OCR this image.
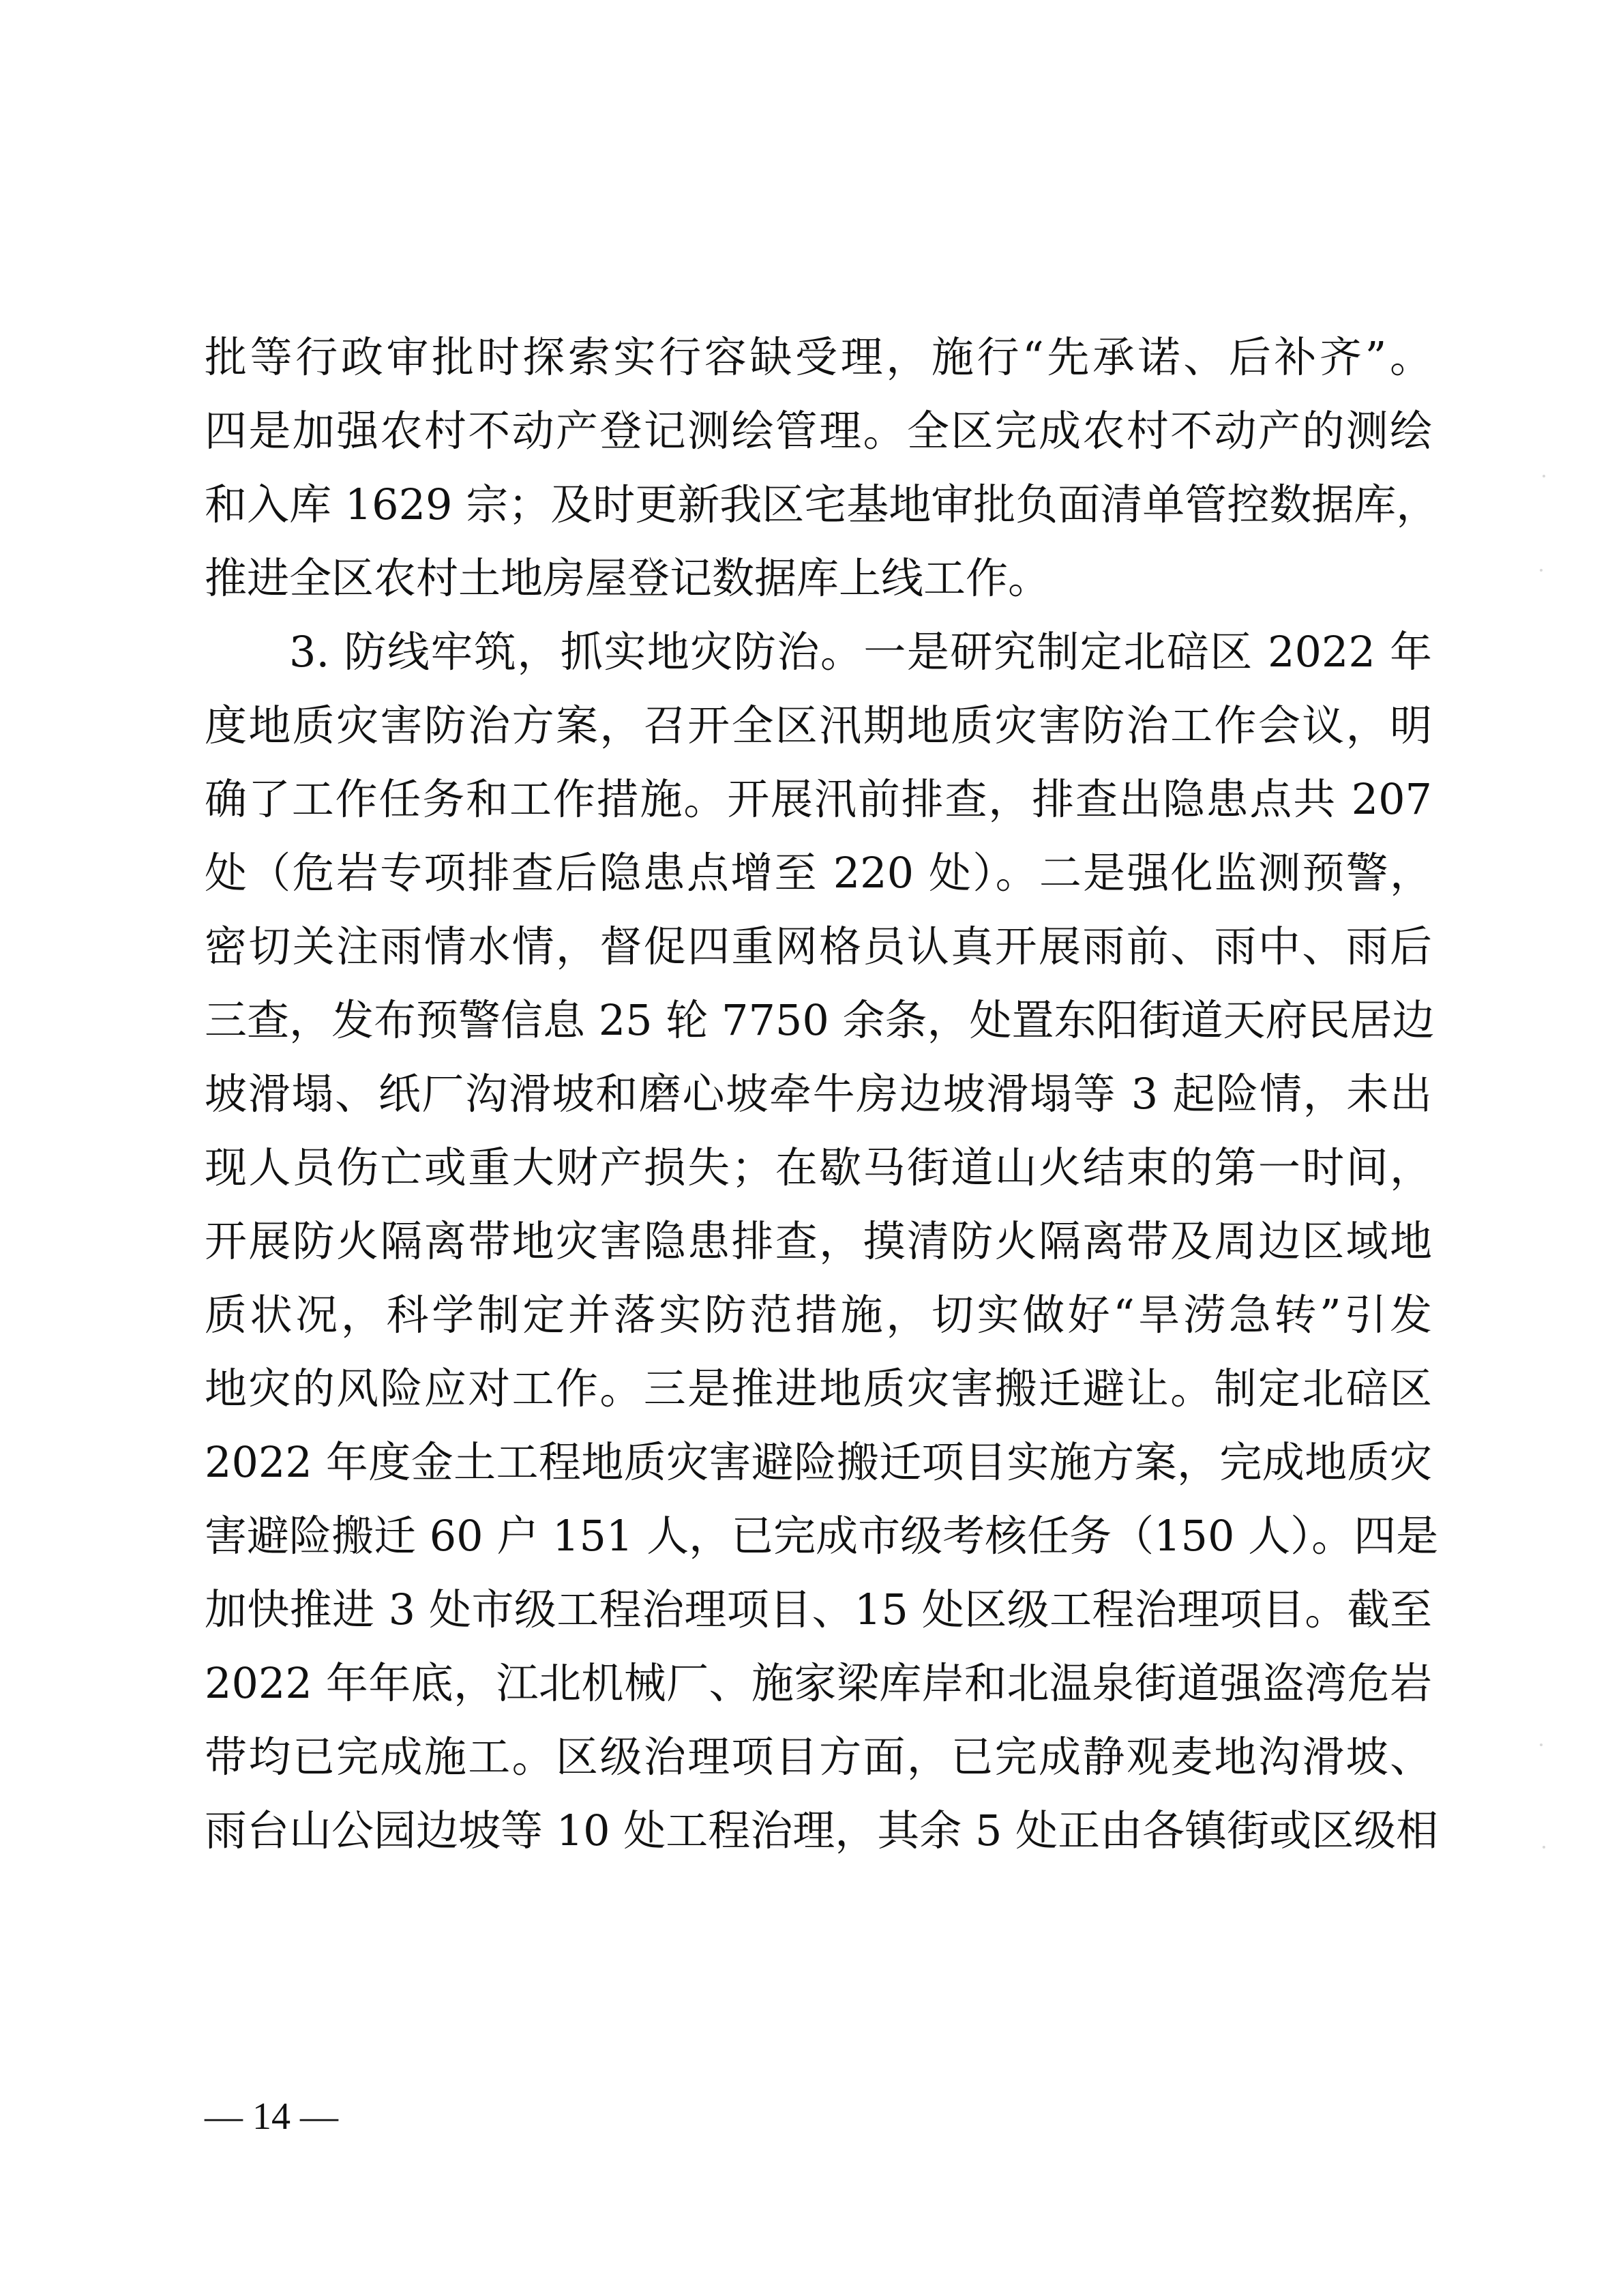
批等行政审批时探索实行容缺受理，施行“先承诺、后补齐”。
四是加强农村不动产登记测绘管理。全区完成农村不动产的测绘
和入库 1629 宗；及时更新我区宅基地审批负面清单管控数据库，
推进全区农村土地房屋登记数据库上线工作。
3. 防线牢筑，抓实地灾防治。一是研究制定北碚区 2022 年
度地质灾害防治方案，召开全区汛期地质灾害防治工作会议，明
确了工作任务和工作措施。开展汛前排查，排查出隐患点共 207
处（危岩专项排查后隐患点增至 220 处）。二是强化监测预警，
密切关注雨情水情，督促四重网格员认真开展雨前、雨中、雨后
三查，发布预警信息 25 轮 7750 余条，处置东阳街道天府民居边
坡滑塌、纸厂沟滑坡和磨心坡牵牛房边坡滑塌等 3 起险情，未出
现人员伤亡或重大财产损失；在歇马街道山火结束的第一时间，
开展防火隔离带地灾害隐患排查，摸清防火隔离带及周边区域地
质状况，科学制定并落实防范措施，切实做好“旱涝急转”引发
地灾的风险应对工作。三是推进地质灾害搬迁避让。制定北碚区
2022 年度金土工程地质灾害避险搬迁项目实施方案，完成地质灾
害避险搬迁 60 户 151 人，已完成市级考核任务（150 人）。四是
加快推进 3 处市级工程治理项目、15 处区级工程治理项目。截至
2022 年年底，江北机械厂、施家梁库岸和北温泉街道强盗湾危岩
带均已完成施工。区级治理项目方面，已完成静观麦地沟滑坡、
雨台山公园边坡等 10 处工程治理，其余 5 处正由各镇街或区级相
— 14 —
